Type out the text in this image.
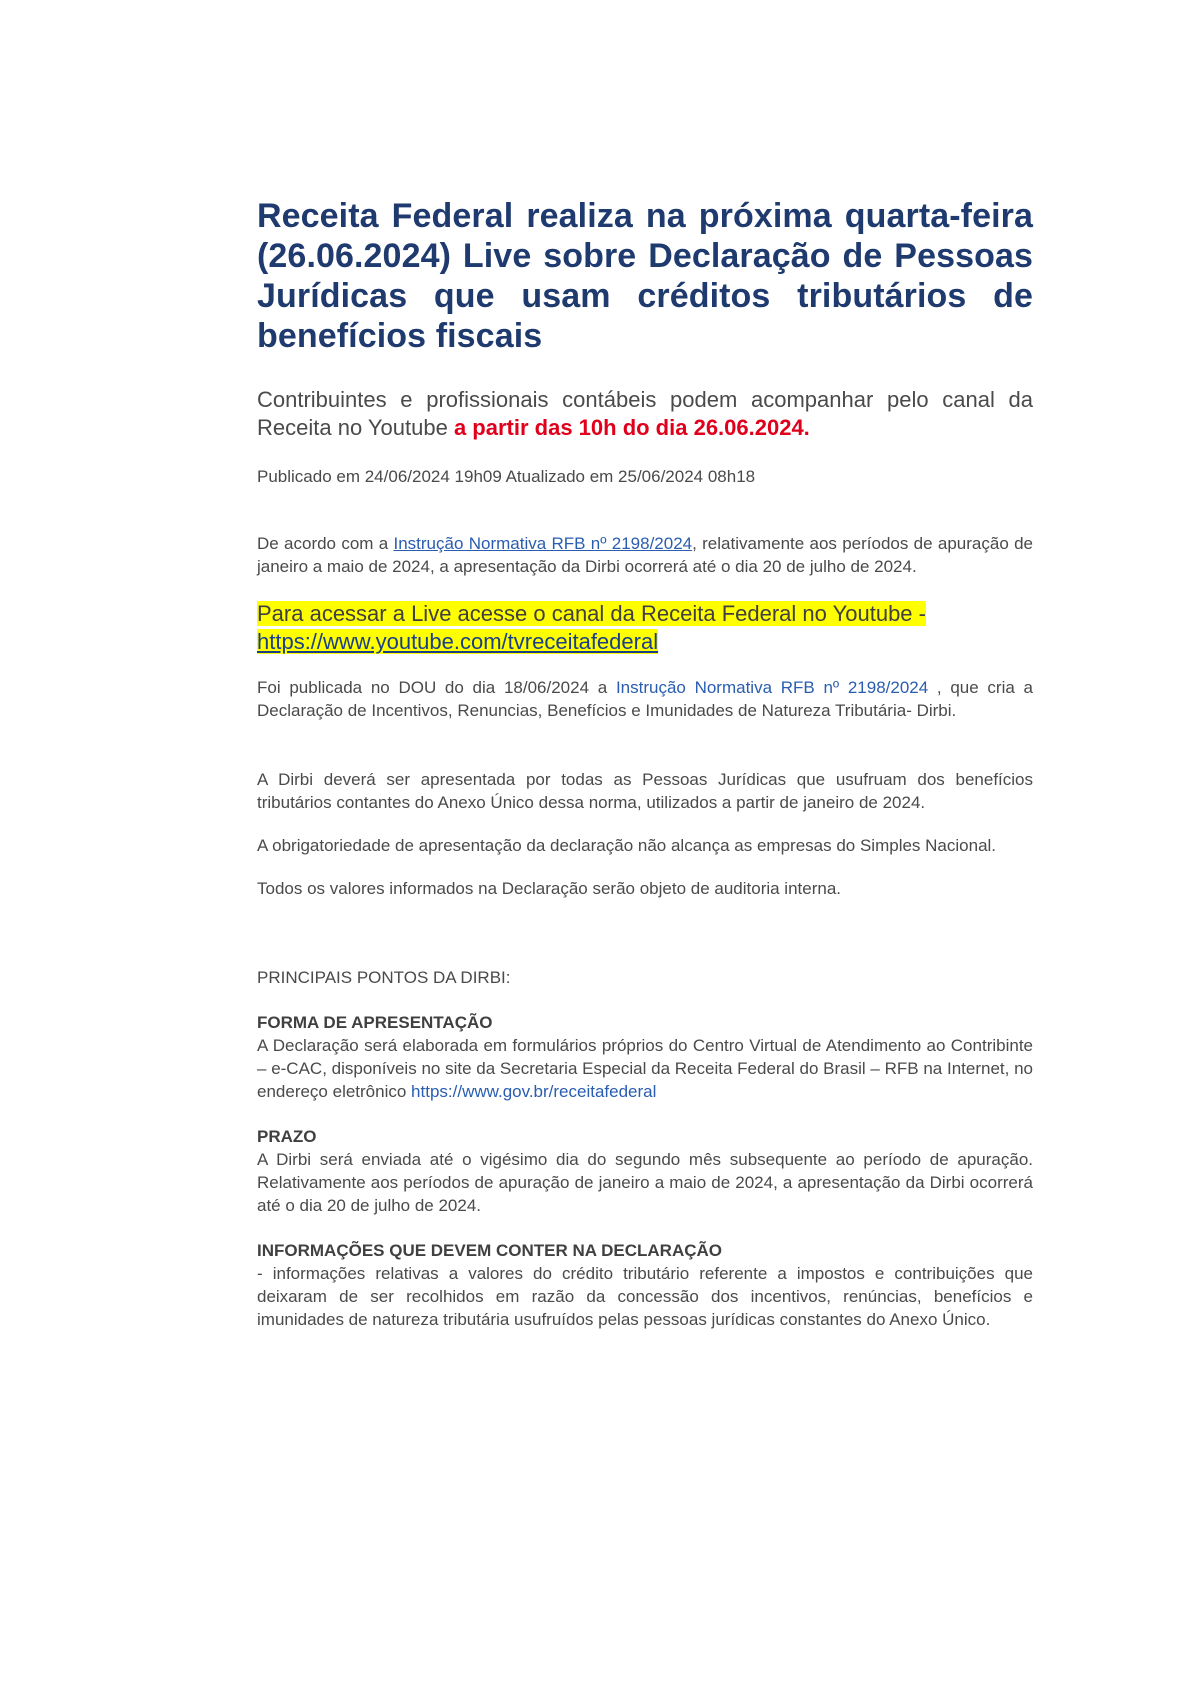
Receita Federal realiza na próxima quarta-feira (26.06.2024) Live sobre Declaração de Pessoas Jurídicas que usam créditos tributários de benefícios fiscais

Contribuintes e profissionais contábeis podem acompanhar pelo canal da Receita no Youtube a partir das 10h do dia 26.06.2024.

Publicado em 24/06/2024 19h09 Atualizado em 25/06/2024 08h18

De acordo com a Instrução Normativa RFB nº 2198/2024, relativamente aos períodos de apuração de janeiro a maio de 2024, a apresentação da Dirbi ocorrerá até o dia 20 de julho de 2024.

Para acessar a Live acesse o canal da Receita Federal no Youtube -
https://www.youtube.com/tvreceitafederal

Foi publicada no DOU do dia 18/06/2024 a Instrução Normativa RFB nº 2198/2024 , que cria a Declaração de Incentivos, Renuncias, Benefícios e Imunidades de Natureza Tributária- Dirbi.

A Dirbi deverá ser apresentada por todas as Pessoas Jurídicas que usufruam dos benefícios tributários contantes do Anexo Único dessa norma, utilizados a partir de janeiro de 2024.

A obrigatoriedade de apresentação da declaração não alcança as empresas do Simples Nacional.

Todos os valores informados na Declaração serão objeto de auditoria interna.

PRINCIPAIS PONTOS DA DIRBI:

FORMA DE APRESENTAÇÃO

A Declaração será elaborada em formulários próprios do Centro Virtual de Atendimento ao Contribinte – e-CAC, disponíveis no site da Secretaria Especial da Receita Federal do Brasil – RFB na Internet, no endereço eletrônico https://www.gov.br/receitafederal

PRAZO

A Dirbi será enviada até o vigésimo dia do segundo mês subsequente ao período de apuração. Relativamente aos períodos de apuração de janeiro a maio de 2024, a apresentação da Dirbi ocorrerá até o dia 20 de julho de 2024.

INFORMAÇÕES QUE DEVEM CONTER NA DECLARAÇÃO

- informações relativas a valores do crédito tributário referente a impostos e contribuições que deixaram de ser recolhidos em razão da concessão dos incentivos, renúncias, benefícios e imunidades de natureza tributária usufruídos pelas pessoas jurídicas constantes do Anexo Único.
